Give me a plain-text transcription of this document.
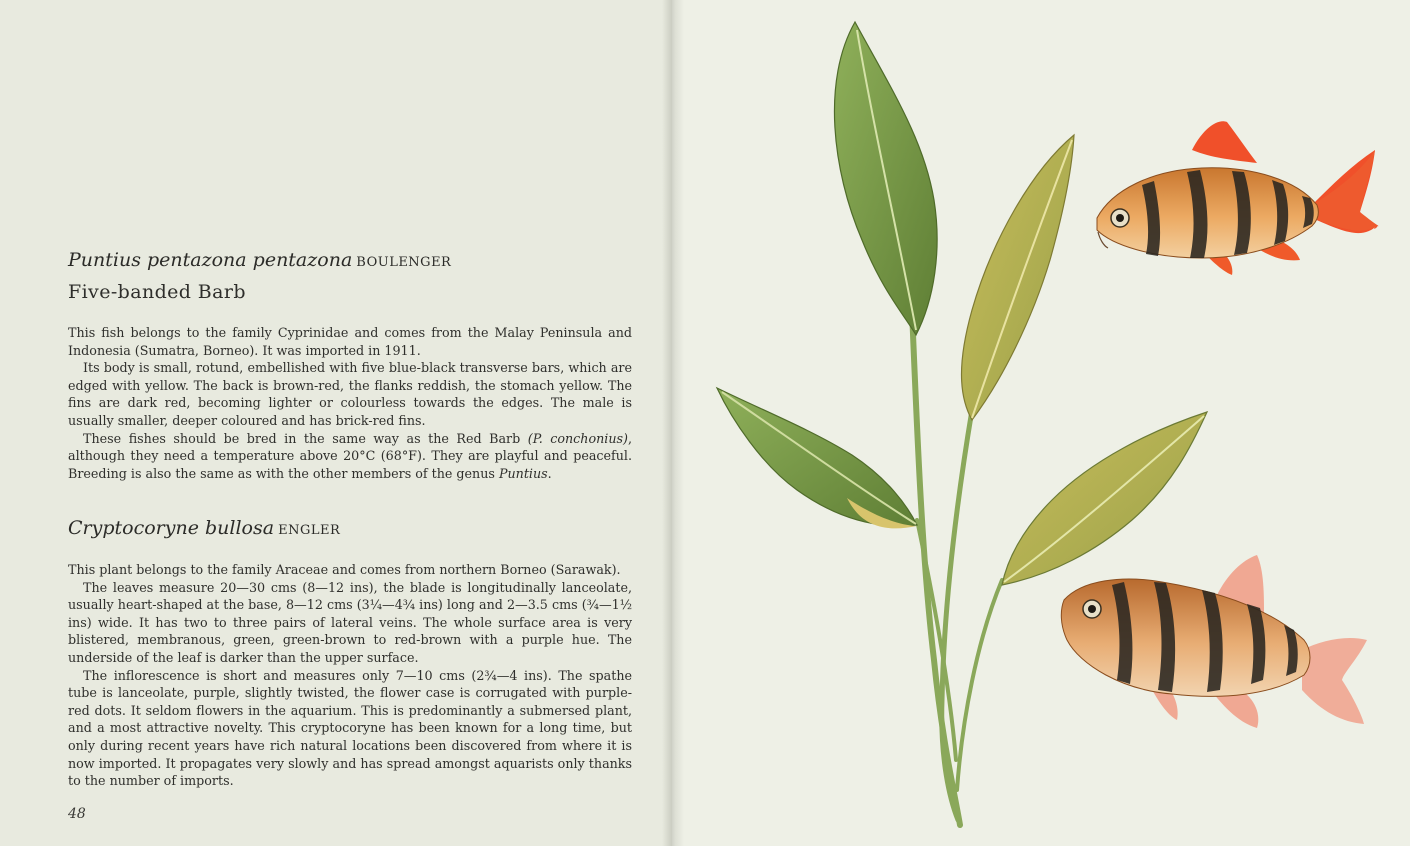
Puntius pentazona pentazona BOULENGER
Five-banded Barb

This fish belongs to the family Cyprinidae and comes from the Malay Peninsula and Indonesia (Sumatra, Borneo). It was imported in 1911.

Its body is small, rotund, embellished with five blue-black transverse bars, which are edged with yellow. The back is brown-red, the flanks reddish, the stomach yellow. The fins are dark red, becoming lighter or colourless towards the edges. The male is usually smaller, deeper coloured and has brick-red fins.

These fishes should be bred in the same way as the Red Barb (P. conchonius), although they need a temperature above 20°C (68°F). They are playful and peaceful. Breeding is also the same as with the other members of the genus Puntius.

Cryptocoryne bullosa ENGLER

This plant belongs to the family Araceae and comes from northern Borneo (Sarawak).

The leaves measure 20—30 cms (8—12 ins), the blade is longitudinally lanceolate, usually heart-shaped at the base, 8—12 cms (3¼—4¾ ins) long and 2—3.5 cms (¾—1½ ins) wide. It has two to three pairs of lateral veins. The whole surface area is very blistered, membranous, green, green-brown to red-brown with a purple hue. The underside of the leaf is darker than the upper surface.

The inflorescence is short and measures only 7—10 cms (2¾—4 ins). The spathe tube is lanceolate, purple, slightly twisted, the flower case is corrugated with purple-red dots. It seldom flowers in the aquarium. This is predominantly a submersed plant, and a most attractive novelty. This cryptocoryne has been known for a long time, but only during recent years have rich natural locations been discovered from where it is now imported. It propagates very slowly and has spread amongst aquarists only thanks to the number of imports.

48
